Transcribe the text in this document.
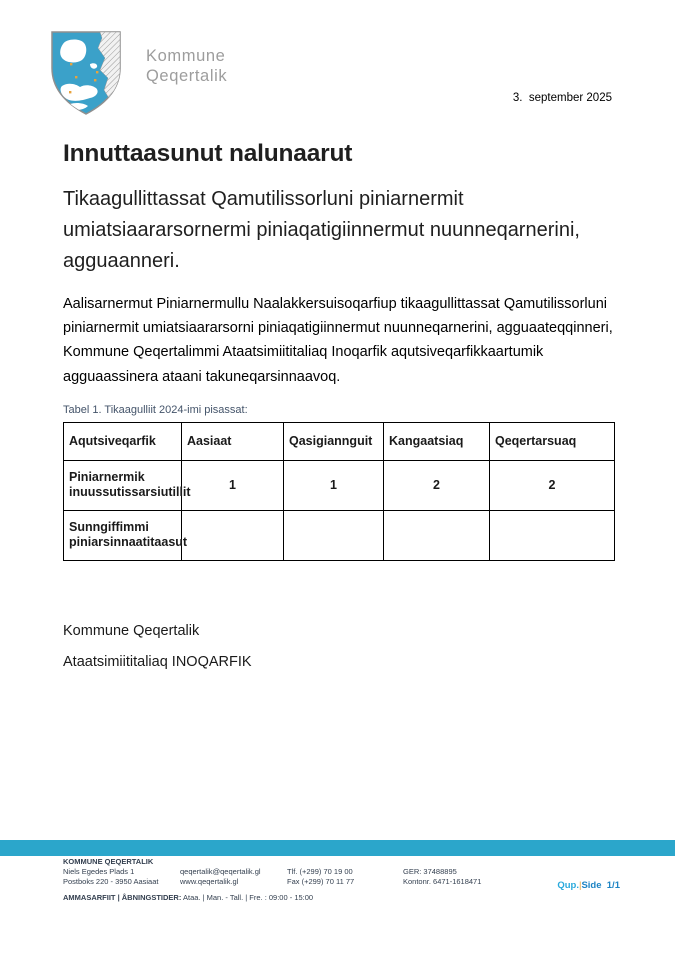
Kommune
Qeqertalik
3.  september 2025
Innuttaasunut nalunaarut
Tikaagullittassat Qamutilissorluni piniarnermit umiatsiaararsornermi piniaqatigiinnermut nuunneqarnerini, agguaanneri.

Aalisarnermut Piniarnermullu Naalakkersuisoqarfiup tikaagullittassat Qamutilissorluni piniarnermit umiatsiaararsorni piniaqatigiinnermut nuunneqarnerini, agguaateqqinneri, Kommune Qeqertalimmi Ataatsimiititaliaq Inoqarfik aqutsiveqarfikkaartumik agguaassinera ataani takuneqarsinnaavoq.

Tabel 1. Tikaagulliit 2024-imi pisassat:
Aqutsiveqarfik	Aasiaat	Qasigiannguit	Kangaatsiaq	Qeqertarsuaq
Piniarnermik inuussutissarsiutillit	1	1	2	2
Sunngiffimmi piniarsinnaatitaasut				
Kommune Qeqertalik
Ataatsimiititaliaq INOQARFIK
KOMMUNE QEQERTALIK
Niels Egedes Plads 1
Postboks 220 - 3950 Aasiaat
qeqertalik@qeqertalik.gl
www.qeqertalik.gl
Tlf. (+299) 70 19 00
Fax (+299) 70 11 77
GER: 37488895
Kontonr. 6471-1618471
AMMASARFIIT | ÅBNINGSTIDER: Ataa. | Man. - Tall. | Fre. : 09:00 - 15:00
Qup.|Side  1/1
